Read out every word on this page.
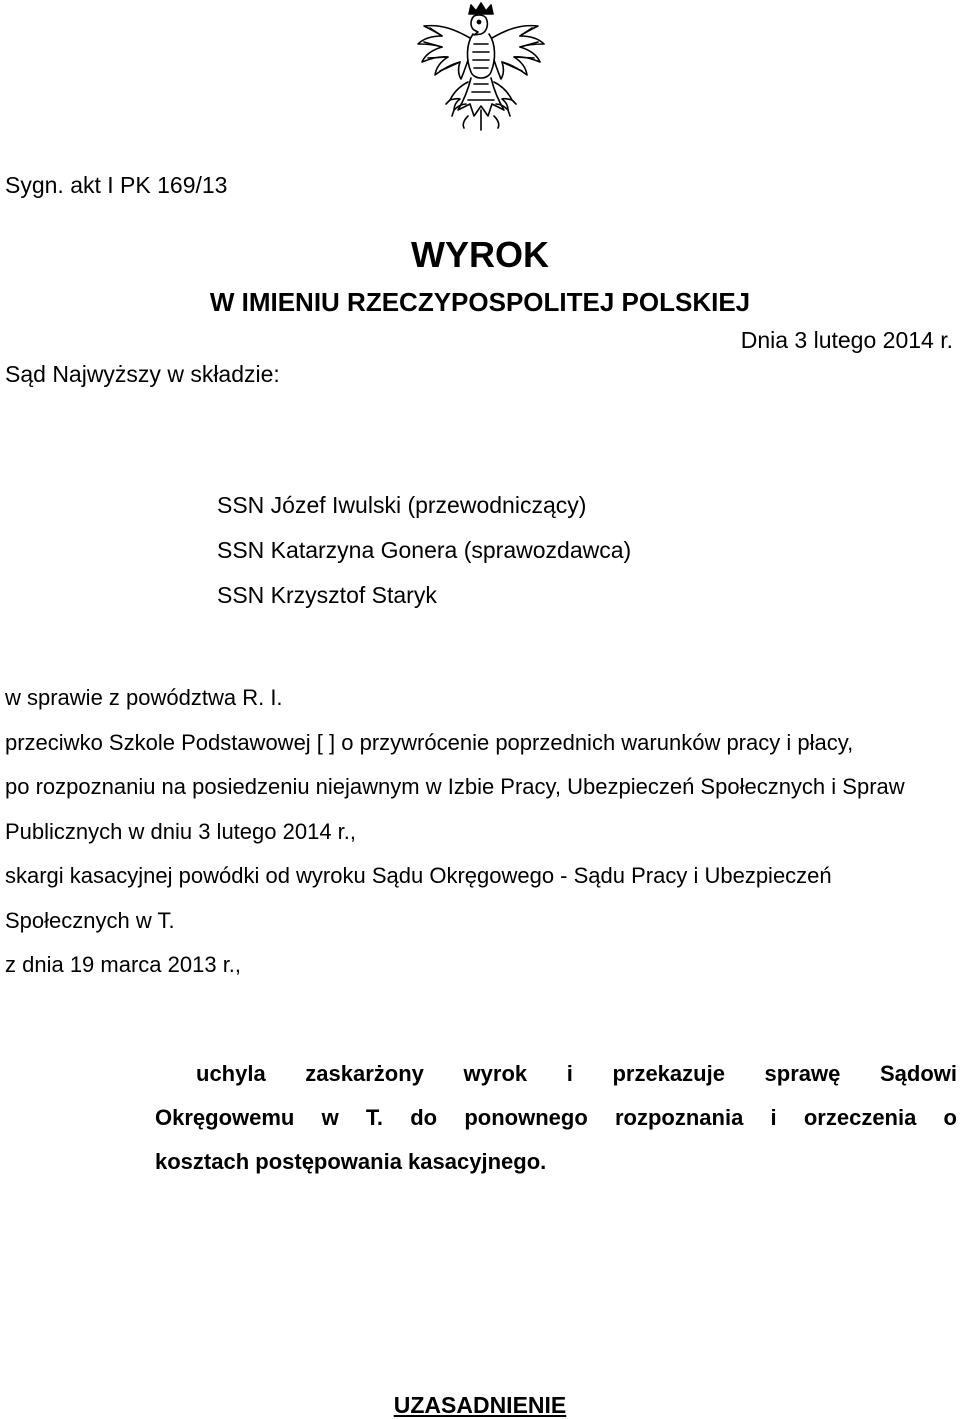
Sygn. akt I PK 169/13
WYROK
W IMIENIU RZECZYPOSPOLITEJ POLSKIEJ
Dnia 3 lutego 2014 r.
Sąd Najwyższy w składzie:
SSN Józef Iwulski (przewodniczący)
SSN Katarzyna Gonera (sprawozdawca)
SSN Krzysztof Staryk

w sprawie z powództwa R. I.

przeciwko Szkole Podstawowej [ ] o przywrócenie poprzednich warunków pracy i płacy,

po rozpoznaniu na posiedzeniu niejawnym w Izbie Pracy, Ubezpieczeń Społecznych i Spraw Publicznych w dniu 3 lutego 2014 r.,

skargi kasacyjnej powódki od wyroku Sądu Okręgowego - Sądu Pracy i Ubezpieczeń Społecznych w T.

z dnia 19 marca 2013 r.,

uchyla zaskarżony wyrok i przekazuje sprawę Sądowi
Okręgowemu w T. do ponownego rozpoznania i orzeczenia o
kosztach postępowania kasacyjnego.
UZASADNIENIE
